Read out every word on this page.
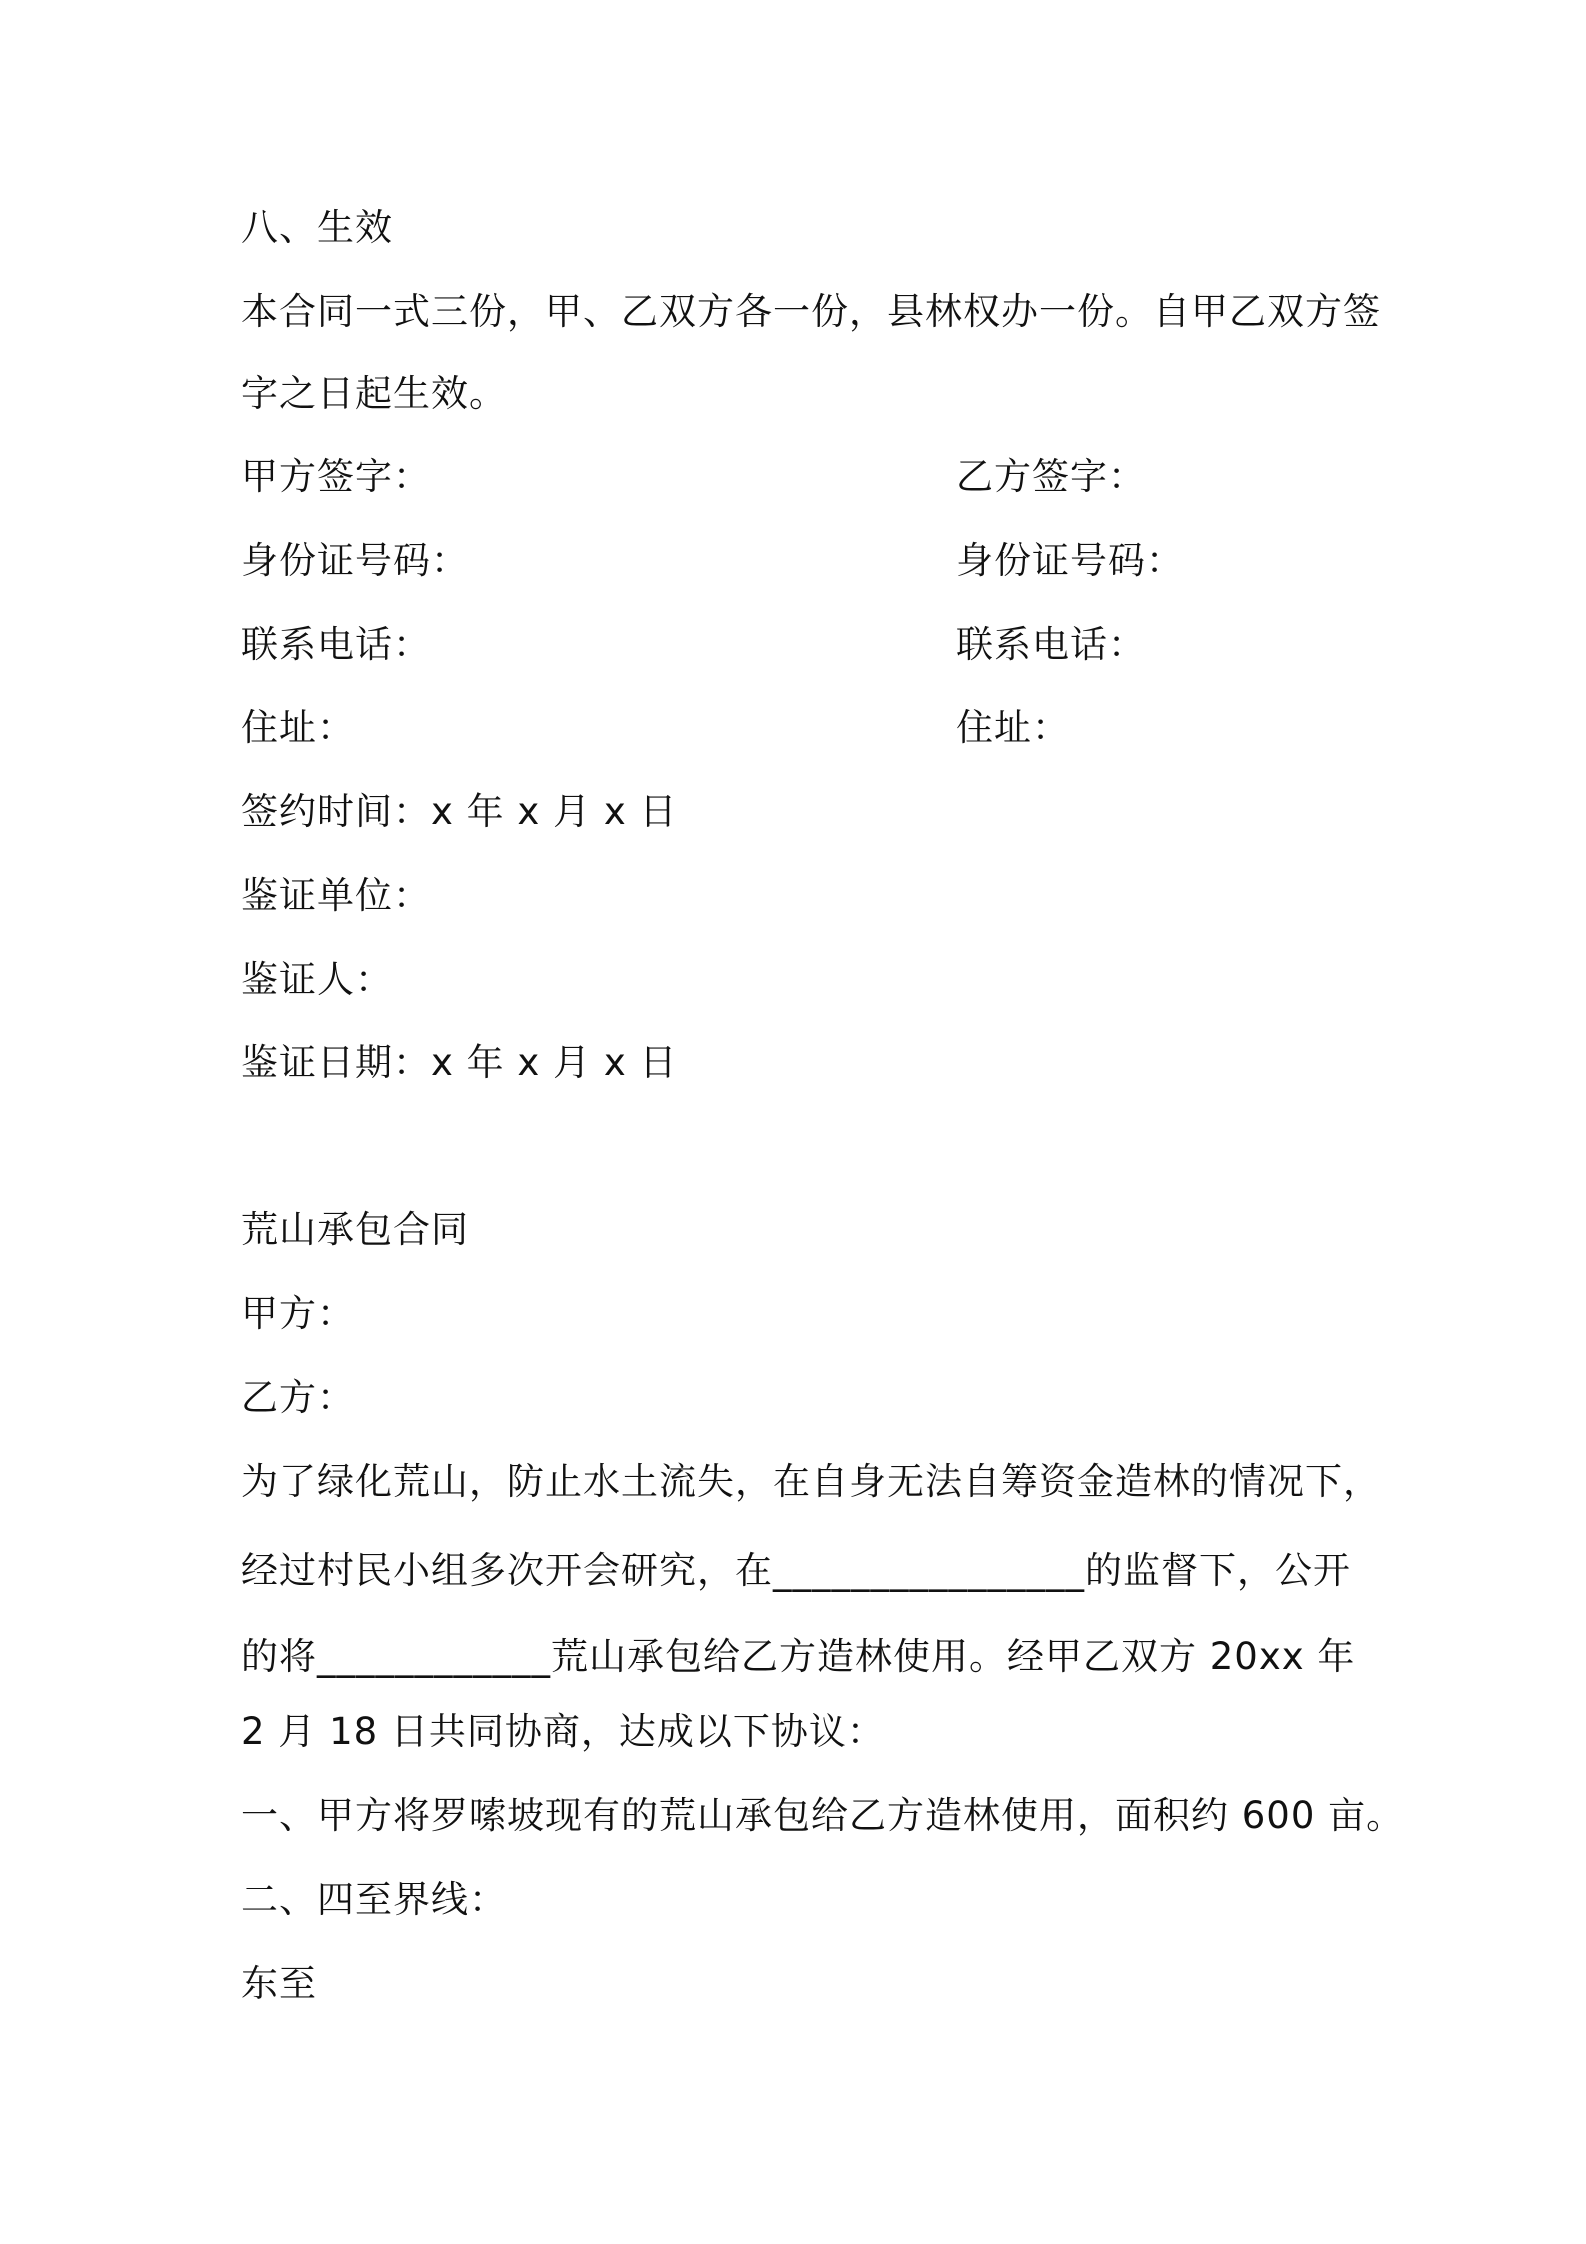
八、生效
本合同一式三份，甲、乙双方各一份，县林权办一份。自甲乙双方签
字之日起生效。
甲方签字：	乙方签字：
身份证号码：	身份证号码：
联系电话：	联系电话：
住址：	住址：
签约时间：x 年 x 月 x 日
鉴证单位：
鉴证人：
鉴证日期：x 年 x 月 x 日
荒山承包合同
甲方：
乙方：
为了绿化荒山，防止水土流失，在自身无法自筹资金造林的情况下，
经过村民小组多次开会研究，在________________的监督下，公开
的将____________荒山承包给乙方造林使用。经甲乙双方 20xx 年
2 月 18 日共同协商，达成以下协议：
一、甲方将罗嗦坡现有的荒山承包给乙方造林使用，面积约 600 亩。
二、四至界线：
东至
